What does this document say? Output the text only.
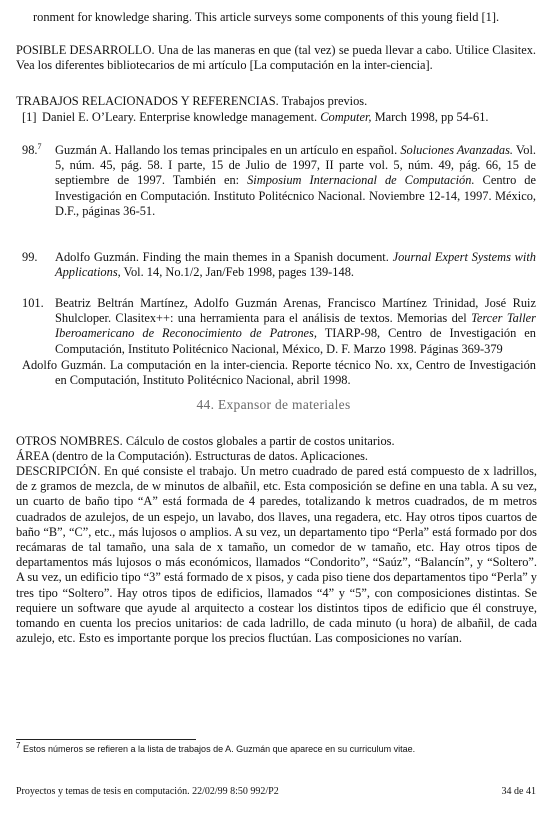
ronment for knowledge sharing. This article surveys some components of this young field [1].

POSIBLE DESARROLLO. Una de las maneras en que (tal vez) se pueda llevar a cabo. Utilice Clasitex. Vea los diferentes bibliotecarios de mi artículo [La computación en la inter-ciencia].

TRABAJOS RELACIONADOS Y REFERENCIAS. Trabajos previos.

[1] Daniel E. O’Leary. Enterprise knowledge management. Computer, March 1998, pp 54-61.

98.$^7$ Guzmán A. Hallando los temas principales en un artículo en español. Soluciones Avanzadas. Vol. 5, núm. 45, pág. 58. I parte, 15 de Julio de 1997, II parte vol. 5, núm. 49, pág. 66, 15 de septiembre de 1997. También en: Simposium Internacional de Computación. Centro de Investigación en Computación. Instituto Politécnico Nacional. Noviembre 12-14, 1997. México, D.F., páginas 36-51.

99.	Adolfo Guzmán. Finding the main themes in a Spanish document. Journal Expert Systems with Applications, Vol. 14, No.1/2, Jan/Feb 1998, pages 139-148.

101. Beatriz Beltrán Martínez, Adolfo Guzmán Arenas, Francisco Martínez Trinidad, José Ruiz Shulcloper. Clasitex++: una herramienta para el análisis de textos. Memorias del Tercer Taller Iberoamericano de Reconocimiento de Patrones, TIARP-98, Centro de Investigación en Computación, Instituto Politécnico Nacional, México, D. F. Marzo 1998. Páginas 369-379

Adolfo Guzmán. La computación en la inter-ciencia. Reporte técnico No. xx, Centro de Investigación en Computación, Instituto Politécnico Nacional, abril 1998.

44. Expansor de materiales

OTROS NOMBRES. Cálculo de costos globales a partir de costos unitarios.

ÁREA (dentro de la Computación). Estructuras de datos. Aplicaciones.

DESCRIPCIÓN. En qué consiste el trabajo. Un metro cuadrado de pared está compuesto de x ladrillos, de z gramos de mezcla, de w minutos de albañil, etc. Esta composición se define en una tabla. A su vez, un cuarto de baño tipo “A” está formada de 4 paredes, totalizando k metros cuadrados, de m metros cuadrados de azulejos, de un espejo, un lavabo, dos llaves, una regadera, etc. Hay otros tipos cuartos de baño “B”, “C”, etc., más lujosos o amplios. A su vez, un departamento tipo “Perla” está formado por dos recámaras de tal tamaño, una sala de x tamaño, un comedor de w tamaño, etc. Hay otros tipos de departamentos más lujosos o más económicos, llamados “Condorito”, “Saúz”, “Balancín”, y “Soltero”. A su vez, un edificio tipo “3” está formado de x pisos, y cada piso tiene dos departamentos tipo “Perla” y tres tipo “Soltero”. Hay otros tipos de edificios, llamados “4” y “5”, con composiciones distintas. Se requiere un software que ayude al arquitecto a costear los distintos tipos de edificio que él construye, tomando en cuenta los precios unitarios: de cada ladrillo, de cada minuto (u hora) de albañil, de cada azulejo, etc. Esto es importante porque los precios fluctúan. Las composiciones no varían.

$^7$ Estos números se refieren a la lista de trabajos de A. Guzmán que aparece en su curriculum vitae.

Proyectos y temas de tesis en computación. 22/02/99 8:50 992/P2	34 de 41
